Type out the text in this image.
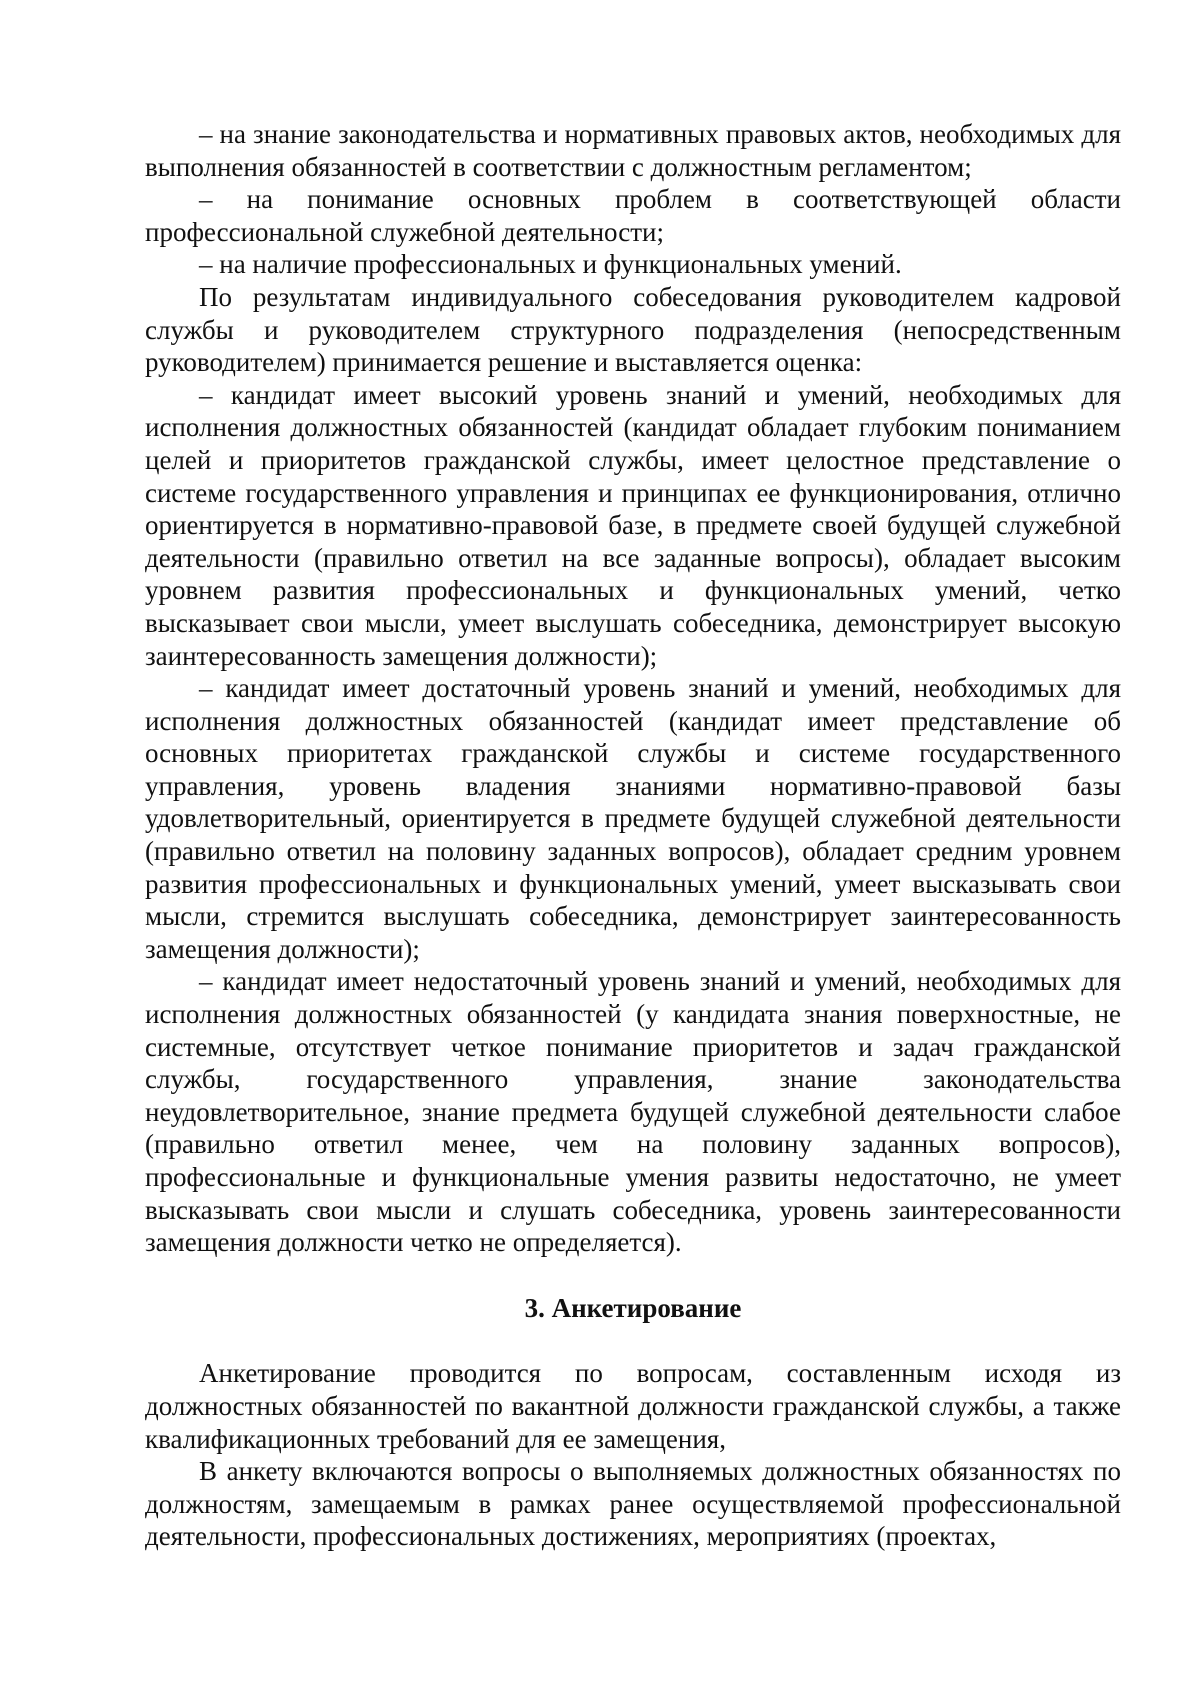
– на знание законодательства и нормативных правовых актов, необходимых для выполнения обязанностей в соответствии с должностным регламентом;

– на понимание основных проблем в соответствующей области профессиональной служебной деятельности;

– на наличие профессиональных и функциональных умений.

По результатам индивидуального собеседования руководителем кадровой службы и руководителем структурного подразделения (непосредственным руководителем) принимается решение и выставляется оценка:

– кандидат имеет высокий уровень знаний и умений, необходимых для исполнения должностных обязанностей (кандидат обладает глубоким пониманием целей и приоритетов гражданской службы, имеет целостное представление о системе государственного управления и принципах ее функционирования, отлично ориентируется в нормативно-правовой базе, в предмете своей будущей служебной деятельности (правильно ответил на все заданные вопросы), обладает высоким уровнем развития профессиональных и функциональных умений, четко высказывает свои мысли, умеет выслушать собеседника, демонстрирует высокую заинтересованность замещения должности);

– кандидат имеет достаточный уровень знаний и умений, необходимых для исполнения должностных обязанностей (кандидат имеет представление об основных приоритетах гражданской службы и системе государственного управления, уровень владения знаниями нормативно-правовой базы удовлетворительный, ориентируется в предмете будущей служебной деятельности (правильно ответил на половину заданных вопросов), обладает средним уровнем развития профессиональных и функциональных умений, умеет высказывать свои мысли, стремится выслушать собеседника, демонстрирует заинтересованность замещения должности);

– кандидат имеет недостаточный уровень знаний и умений, необходимых для исполнения должностных обязанностей (у кандидата знания поверхностные, не системные, отсутствует четкое понимание приоритетов и задач гражданской службы, государственного управления, знание законодательства неудовлетворительное, знание предмета будущей служебной деятельности слабое (правильно ответил менее, чем на половину заданных вопросов), профессиональные и функциональные умения развиты недостаточно, не умеет высказывать свои мысли и слушать собеседника, уровень заинтересованности замещения должности четко не определяется).

3. Анкетирование

Анкетирование проводится по вопросам, составленным исходя из должностных обязанностей по вакантной должности гражданской службы, а также квалификационных требований для ее замещения,

В анкету включаются вопросы о выполняемых должностных обязанностях по должностям, замещаемым в рамках ранее осуществляемой профессиональной деятельности, профессиональных достижениях, мероприятиях (проектах,
